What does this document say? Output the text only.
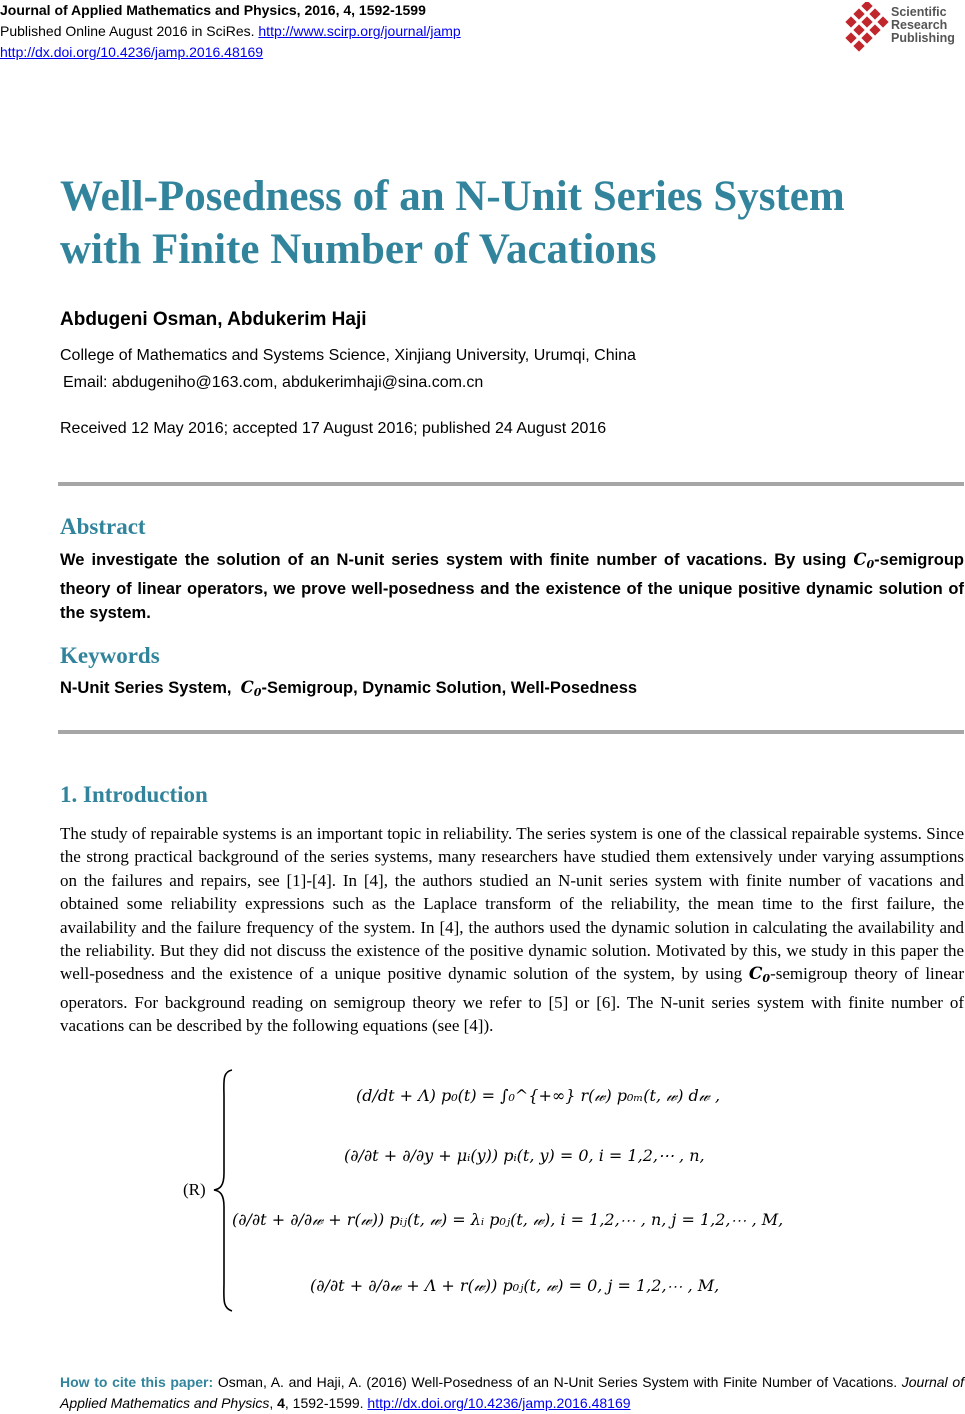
Journal of Applied Mathematics and Physics, 2016, 4, 1592-1599
Published Online August 2016 in SciRes. http://www.scirp.org/journal/jamp
http://dx.doi.org/10.4236/jamp.2016.48169
Scientific
Research
Publishing
Well-Posedness of an N-Unit Series System
with Finite Number of Vacations
Abdugeni Osman, Abdukerim Haji
College of Mathematics and Systems Science, Xinjiang University, Urumqi, China
Email: abdugeniho@163.com, abdukerimhaji@sina.com.cn
Received 12 May 2016; accepted 17 August 2016; published 24 August 2016
Abstract

We investigate the solution of an N-unit series system with finite number of vacations. By using $C_0$-semigroup theory of linear operators, we prove well-posedness and the existence of the unique positive dynamic solution of the system.

Keywords
N-Unit Series System,  $C_0$-Semigroup, Dynamic Solution, Well-Posedness
1. Introduction

The study of repairable systems is an important topic in reliability. The series system is one of the classical repairable systems. Since the strong practical background of the series systems, many researchers have studied them extensively under varying assumptions on the failures and repairs, see [1]-[4]. In [4], the authors studied an N-unit series system with finite number of vacations and obtained some reliability expressions such as the Laplace transform of the reliability, the mean time to the first failure, the availability and the failure frequency of the system. In [4], the authors used the dynamic solution in calculating the availability and the reliability. But they did not discuss the existence of the positive dynamic solution. Motivated by this, we study in this paper the well-posedness and the existence of a unique positive dynamic solution of the system, by using $C_0$-semigroup theory of linear operators. For background reading on semigroup theory we refer to [5] or [6]. The N-unit series system with finite number of vacations can be described by the following equations (see [4]).

(R)
(d/dt + Λ) p₀(t) = ∫₀^{+∞} r(𝓌) p₀ₘ(t, 𝓌) d𝓌 ,
(∂/∂t + ∂/∂y + μᵢ(y)) pᵢ(t, y) = 0, i = 1,2,⋯ , n,
(∂/∂t + ∂/∂𝓌 + r(𝓌)) pᵢⱼ(t, 𝓌) = λᵢ p₀ⱼ(t, 𝓌), i = 1,2,⋯ , n, j = 1,2,⋯ , M,
(∂/∂t + ∂/∂𝓌 + Λ + r(𝓌)) p₀ⱼ(t, 𝓌) = 0, j = 1,2,⋯ , M,

How to cite this paper: Osman, A. and Haji, A. (2016) Well-Posedness of an N-Unit Series System with Finite Number of Vacations. Journal of Applied Mathematics and Physics, 4, 1592-1599. http://dx.doi.org/10.4236/jamp.2016.48169
